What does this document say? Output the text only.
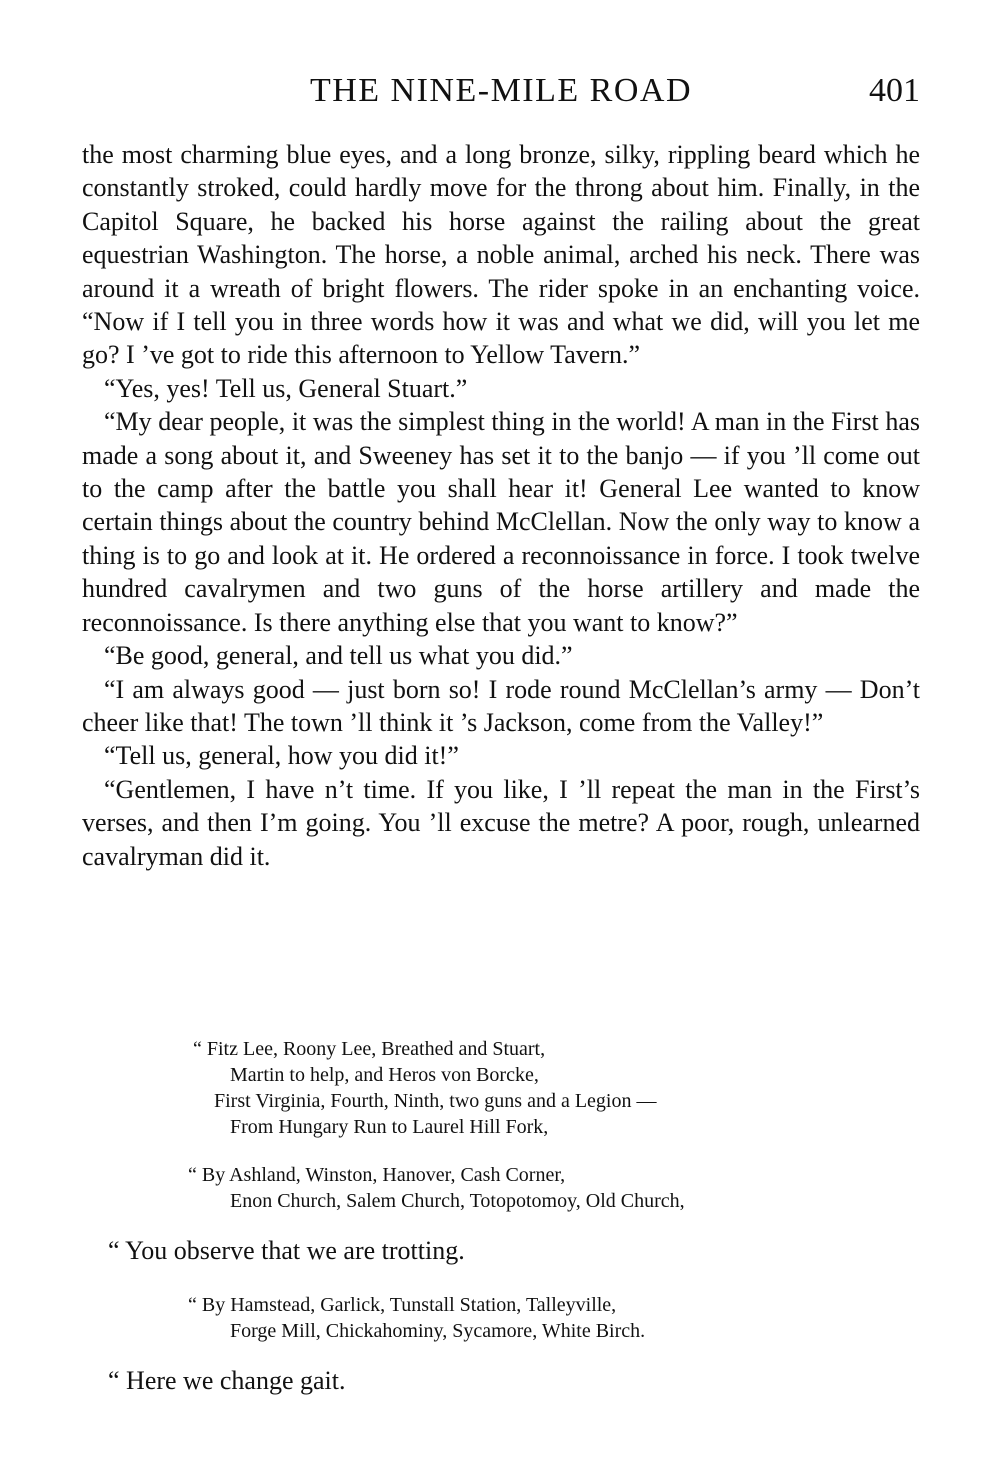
THE NINE-MILE ROAD	401

the most charming blue eyes, and a long bronze, silky, rippling beard which he constantly stroked, could hardly move for the throng about him. Finally, in the Capitol Square, he backed his horse against the railing about the great equestrian Washington. The horse, a noble animal, arched his neck. There was around it a wreath of bright flowers. The rider spoke in an enchanting voice. “Now if I tell you in three words how it was and what we did, will you let me go? I ’ve got to ride this afternoon to Yellow Tavern.”

“Yes, yes! Tell us, General Stuart.”

“My dear people, it was the simplest thing in the world! A man in the First has made a song about it, and Sweeney has set it to the banjo — if you ’ll come out to the camp after the battle you shall hear it! General Lee wanted to know certain things about the country behind McClellan. Now the only way to know a thing is to go and look at it. He ordered a reconnoissance in force. I took twelve hundred cavalrymen and two guns of the horse artillery and made the reconnoissance. Is there anything else that you want to know?”

“Be good, general, and tell us what you did.”

“I am always good — just born so! I rode round McClellan’s army — Don’t cheer like that! The town ’ll think it ’s Jackson, come from the Valley!”

“Tell us, general, how you did it!”

“Gentlemen, I have n’t time. If you like, I ’ll repeat the man in the First’s verses, and then I’m going. You ’ll excuse the metre? A poor, rough, unlearned cavalryman did it.

“ Fitz Lee, Roony Lee, Breathed and Stuart,
Martin to help, and Heros von Borcke,
First Virginia, Fourth, Ninth, two guns and a Legion —
From Hungary Run to Laurel Hill Fork,
“ By Ashland, Winston, Hanover, Cash Corner,
Enon Church, Salem Church, Totopotomoy, Old Church,
“ You observe that we are trotting.
“ By Hamstead, Garlick, Tunstall Station, Talleyville,
Forge Mill, Chickahominy, Sycamore, White Birch.
“ Here we change gait.
